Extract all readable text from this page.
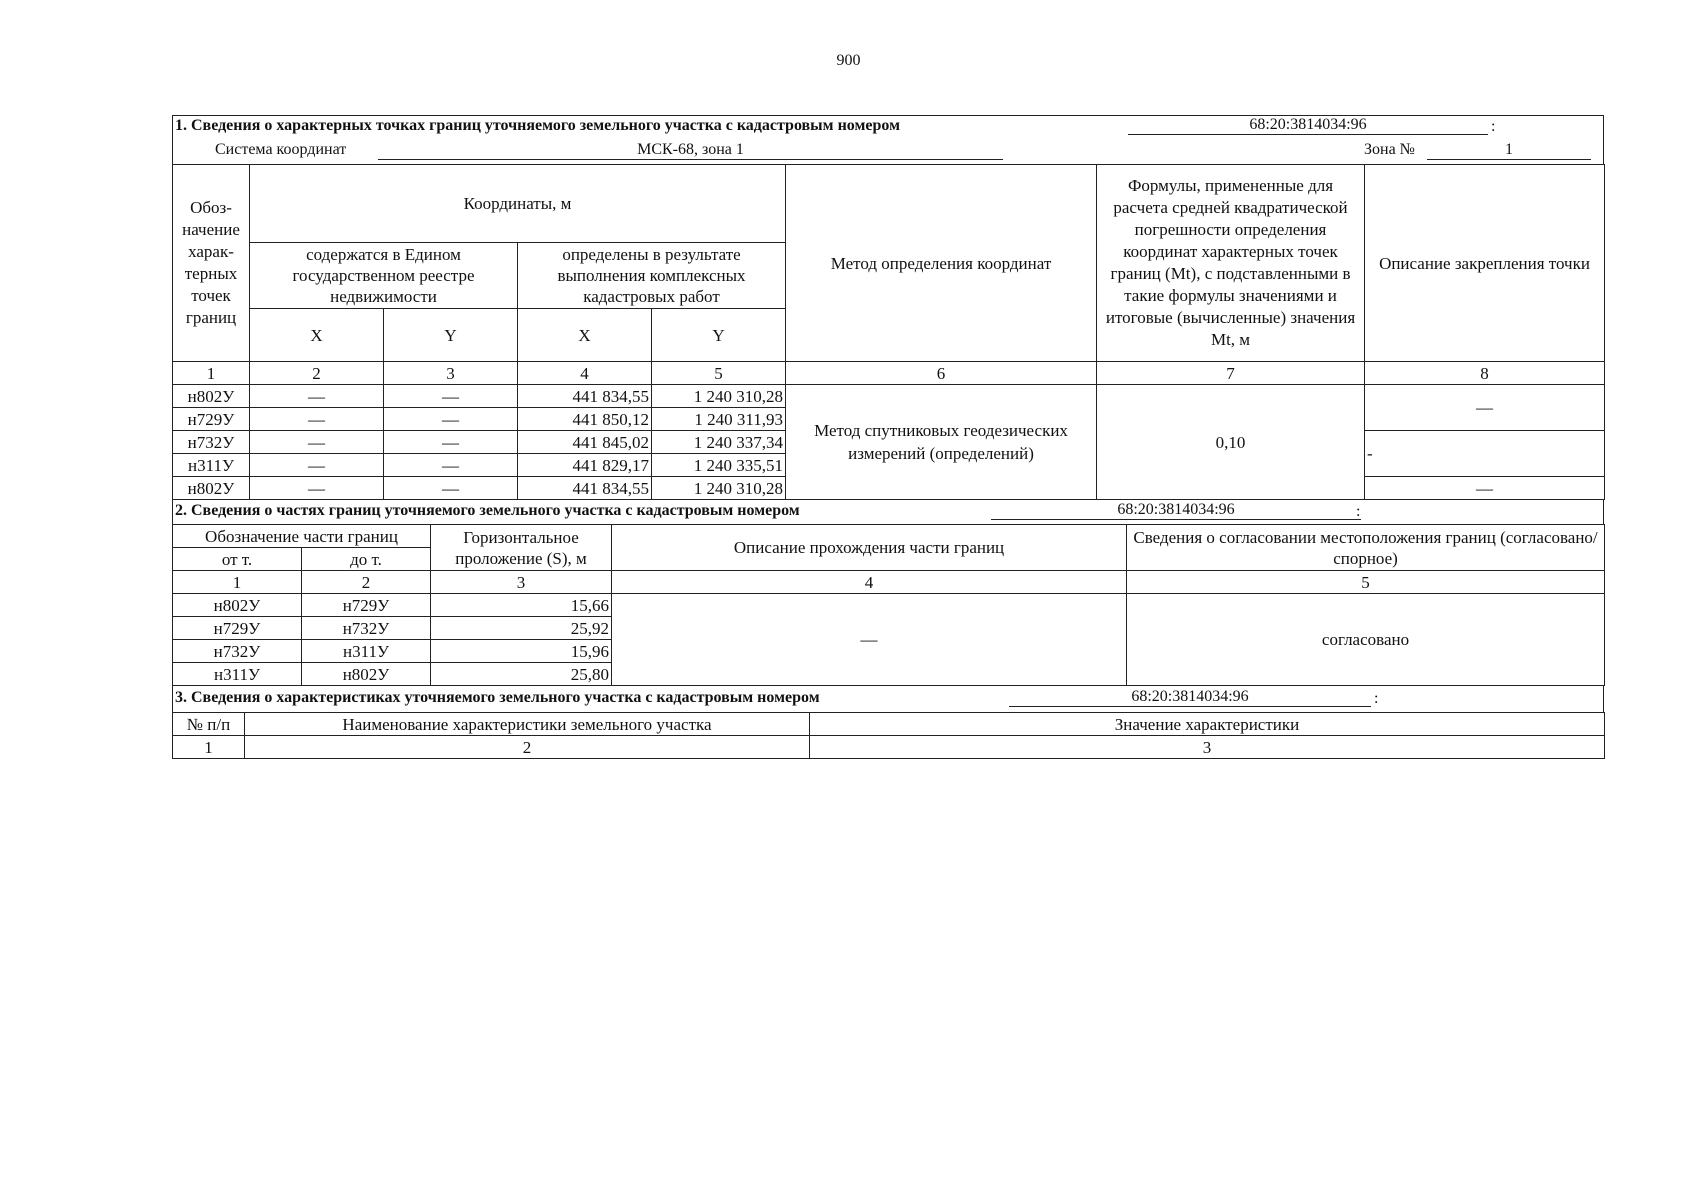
900
1. Сведения о характерных точках границ уточняемого земельного участка с кадастровым номером	68:20:3814034:96	:
Система координат	МСК-68, зона 1	Зона №	1
Обоз-начение харак-терных точек границ	Координаты, м				Метод определения координат	Формулы, примененные для расчета средней квадратической погрешности определения координат характерных точек границ (Mt), с подставленными в такие формулы значениями и итоговые (вычисленные) значения Mt, м	Описание закрепления точки
	содержатся в Едином государственном реестре недвижимости		определены в результате выполнения комплексных кадастровых работ				
	X	Y	X	Y			
1	2	3	4	5	6	7	8
н802У	—	—	441 834,55	1 240 310,28	Метод спутниковых геодезических измерений (определений)	0,10	—
н729У	—	—	441 850,12	1 240 311,93			
н732У	—	—	441 845,02	1 240 337,34			-
н311У	—	—	441 829,17	1 240 335,51			
н802У	—	—	441 834,55	1 240 310,28			—
2. Сведения о частях границ уточняемого земельного участка с кадастровым номером	68:20:3814034:96	:
Обозначение части границ		Горизонтальное проложение (S), м	Описание прохождения части границ	Сведения о согласовании местоположения границ (согласовано/спорное)
от т.	до т.			
1	2	3	4	5
н802У	н729У	15,66	—	согласовано
н729У	н732У	25,92		
н732У	н311У	15,96		
н311У	н802У	25,80		
3. Сведения о характеристиках уточняемого земельного участка с кадастровым номером	68:20:3814034:96	:
№ п/п	Наименование характеристики земельного участка	Значение характеристики
1	2	3
